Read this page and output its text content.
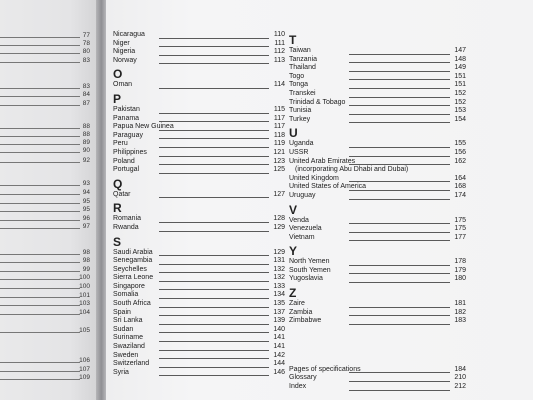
77
78
80
83
83
84
87
88
88
89
90
92
93
94
95
95
96
97
98
98
99
100
100
101
103
104
105
106
107
109
Nicaragua	110
Niger	111
Nigeria	112
Norway	113
O
Oman	114
P
Pakistan	115
Panama	117
Papua New Guinea	117
Paraguay	118
Peru	119
Philippines	121
Poland	123
Portugal	125
Q
Qatar	127
R
Romania	128
Rwanda	129
S
Saudi Arabia	129
Senegambia	131
Seychelles	132
Sierra Leone	132
Singapore	133
Somalia	134
South Africa	135
Spain	137
Sri Lanka	139
Sudan	140
Suriname	141
Swaziland	141
Sweden	142
Switzerland	144
Syria	146
T
Taiwan	147
Tanzania	148
Thailand	149
Togo	151
Tonga	151
Transkei	152
Trinidad & Tobago	152
Tunisia	153
Turkey	154
U
Uganda	155
USSR	156
United Arab Emirates	162
(incorporating Abu Dhabi and Dubai)
United Kingdom	164
United States of America	168
Uruguay	174
V
Venda	175
Venezuela	175
Vietnam	177
Y
North Yemen	178
South Yemen	179
Yugoslavia	180
Z
Zaire	181
Zambia	182
Zimbabwe	183
Pages of specifications	184
Glossary	210
Index	212
